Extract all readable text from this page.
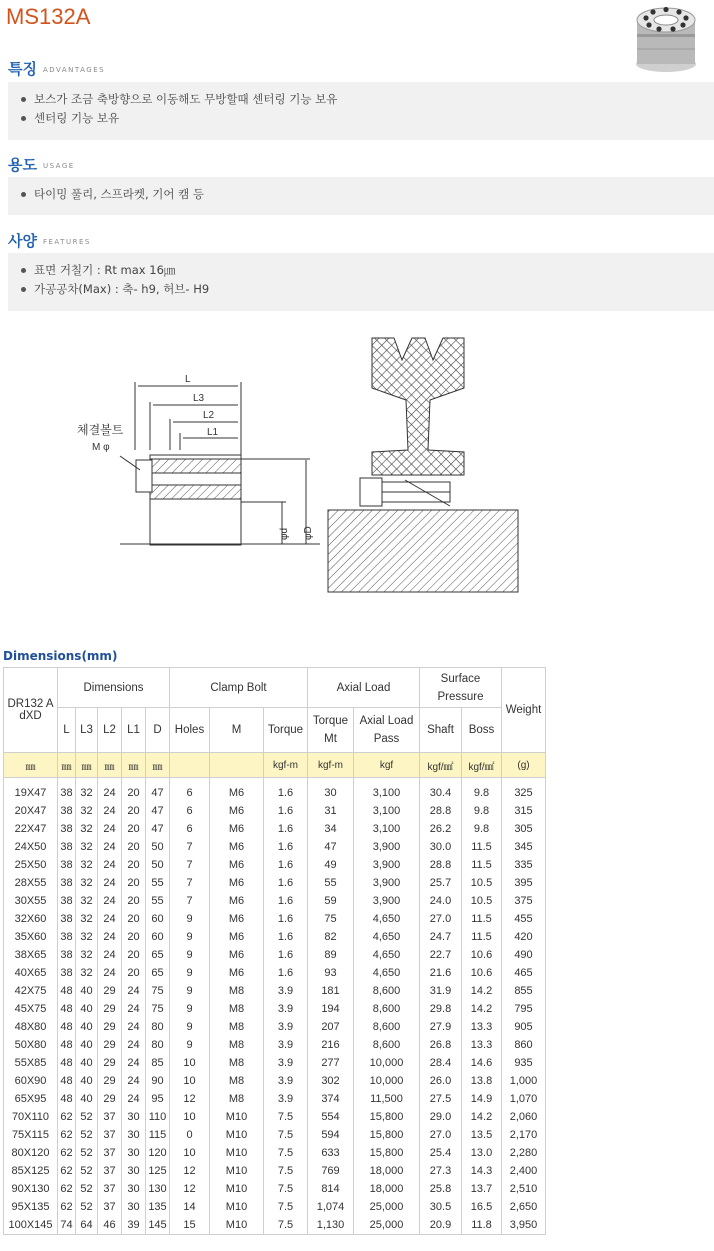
MS132A
특징 ADVANTAGES
보스가 조금 축방향으로 이동해도 무방할때 센터링 기능 보유
센터링 기능 보유
용도 USAGE
타이밍 풀리, 스프라켓, 기어 캠 등
사양 FEATURES
표면 거칠기 : Rt max 16㎛
가공공차(Max) : 축- h9, 허브- H9
L
L3
L2
L1
체결볼트
M φ
φd φD
Dimensions(mm)
DR132 A
dXD	Dimensions					Clamp Bolt			Axial Load		Surface Pressure		Weight
	L	L3	L2	L1	D	Holes	M	Torque	Torque Mt	Axial Load Pass	Shaft	Boss	
㎜	㎜	㎜	㎜	㎜	㎜			kgf-m	kgf-m	kgf	kgf/㎟	kgf/㎟	(g)
19X47	38	32	24	20	47	6	M6	1.6	30	3,100	30.4	9.8	325
20X47	38	32	24	20	47	6	M6	1.6	31	3,100	28.8	9.8	315
22X47	38	32	24	20	47	6	M6	1.6	34	3,100	26.2	9.8	305
24X50	38	32	24	20	50	7	M6	1.6	47	3,900	30.0	11.5	345
25X50	38	32	24	20	50	7	M6	1.6	49	3,900	28.8	11.5	335
28X55	38	32	24	20	55	7	M6	1.6	55	3,900	25.7	10.5	395
30X55	38	32	24	20	55	7	M6	1.6	59	3,900	24.0	10.5	375
32X60	38	32	24	20	60	9	M6	1.6	75	4,650	27.0	11.5	455
35X60	38	32	24	20	60	9	M6	1.6	82	4,650	24.7	11.5	420
38X65	38	32	24	20	65	9	M6	1.6	89	4,650	22.7	10.6	490
40X65	38	32	24	20	65	9	M6	1.6	93	4,650	21.6	10.6	465
42X75	48	40	29	24	75	9	M8	3.9	181	8,600	31.9	14.2	855
45X75	48	40	29	24	75	9	M8	3.9	194	8,600	29.8	14.2	795
48X80	48	40	29	24	80	9	M8	3.9	207	8,600	27.9	13.3	905
50X80	48	40	29	24	80	9	M8	3.9	216	8,600	26.8	13.3	860
55X85	48	40	29	24	85	10	M8	3.9	277	10,000	28.4	14.6	935
60X90	48	40	29	24	90	10	M8	3.9	302	10,000	26.0	13.8	1,000
65X95	48	40	29	24	95	12	M8	3.9	374	11,500	27.5	14.9	1,070
70X110	62	52	37	30	110	10	M10	7.5	554	15,800	29.0	14.2	2,060
75X115	62	52	37	30	115	0	M10	7.5	594	15,800	27.0	13.5	2,170
80X120	62	52	37	30	120	10	M10	7.5	633	15,800	25.4	13.0	2,280
85X125	62	52	37	30	125	12	M10	7.5	769	18,000	27.3	14.3	2,400
90X130	62	52	37	30	130	12	M10	7.5	814	18,000	25.8	13.7	2,510
95X135	62	52	37	30	135	14	M10	7.5	1,074	25,000	30.5	16.5	2,650
100X145	74	64	46	39	145	15	M10	7.5	1,130	25,000	20.9	11.8	3,950
